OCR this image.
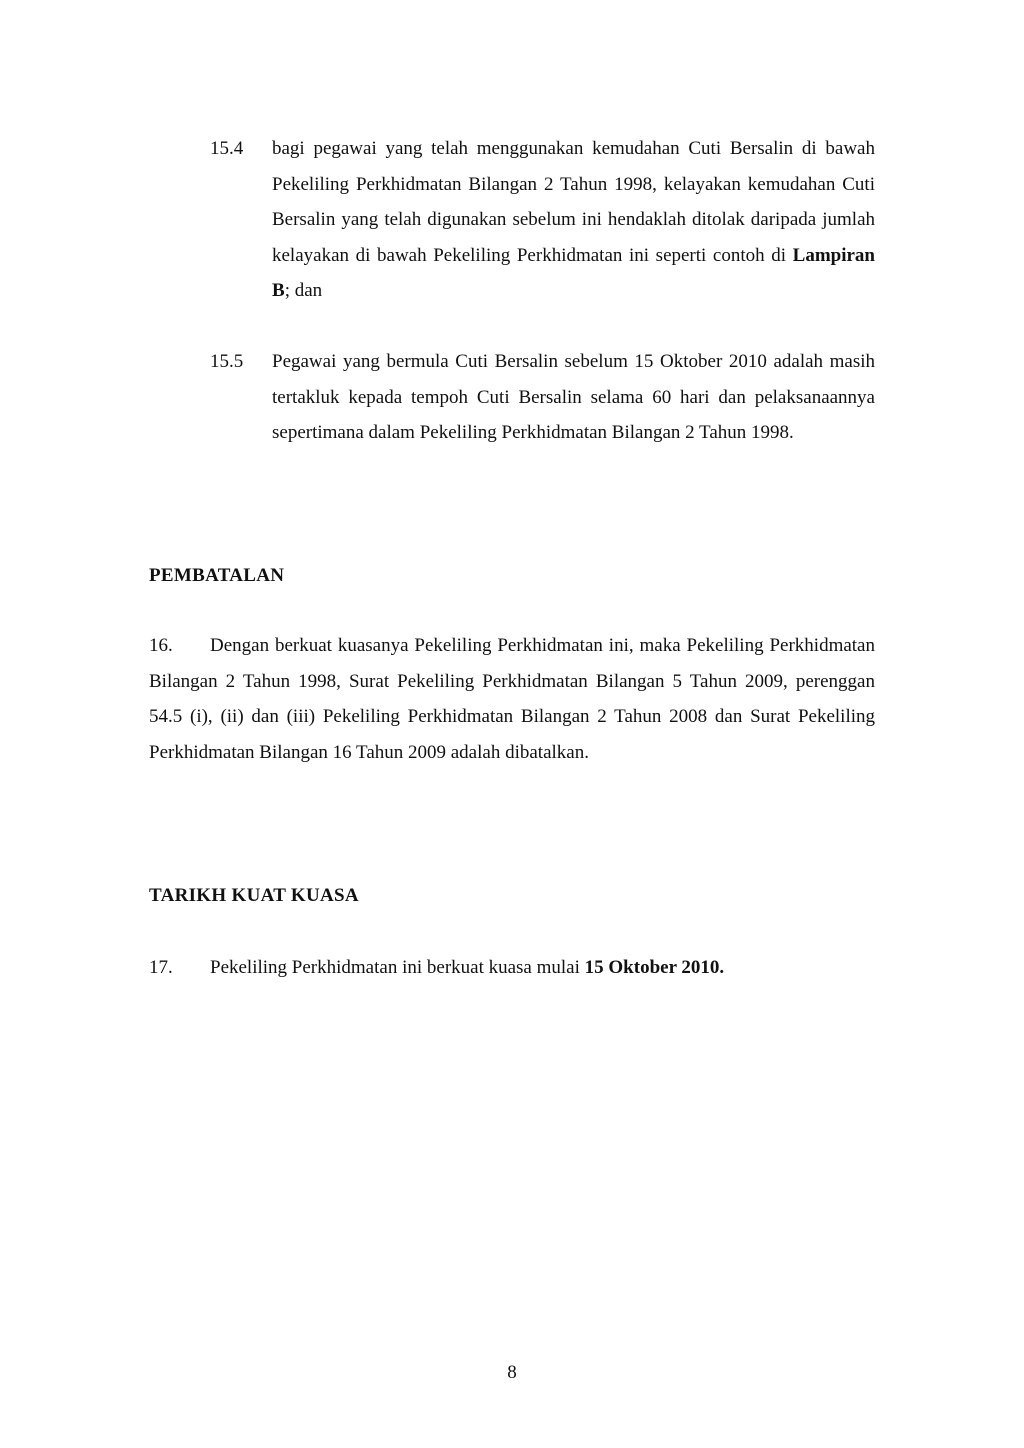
15.4 bagi pegawai yang telah menggunakan kemudahan Cuti Bersalin di bawah Pekeliling Perkhidmatan Bilangan 2 Tahun 1998, kelayakan kemudahan Cuti Bersalin yang telah digunakan sebelum ini hendaklah ditolak daripada jumlah kelayakan di bawah Pekeliling Perkhidmatan ini seperti contoh di Lampiran B; dan

15.5 Pegawai yang bermula Cuti Bersalin sebelum 15 Oktober 2010 adalah masih tertakluk kepada tempoh Cuti Bersalin selama 60 hari dan pelaksanaannya sepertimana dalam Pekeliling Perkhidmatan Bilangan 2 Tahun 1998.

PEMBATALAN

16. Dengan berkuat kuasanya Pekeliling Perkhidmatan ini, maka Pekeliling Perkhidmatan Bilangan 2 Tahun 1998, Surat Pekeliling Perkhidmatan Bilangan 5 Tahun 2009, perenggan 54.5 (i), (ii) dan (iii) Pekeliling Perkhidmatan Bilangan 2 Tahun 2008 dan Surat Pekeliling Perkhidmatan Bilangan 16 Tahun 2009 adalah dibatalkan.

TARIKH KUAT KUASA

17. Pekeliling Perkhidmatan ini berkuat kuasa mulai 15 Oktober 2010.

8
